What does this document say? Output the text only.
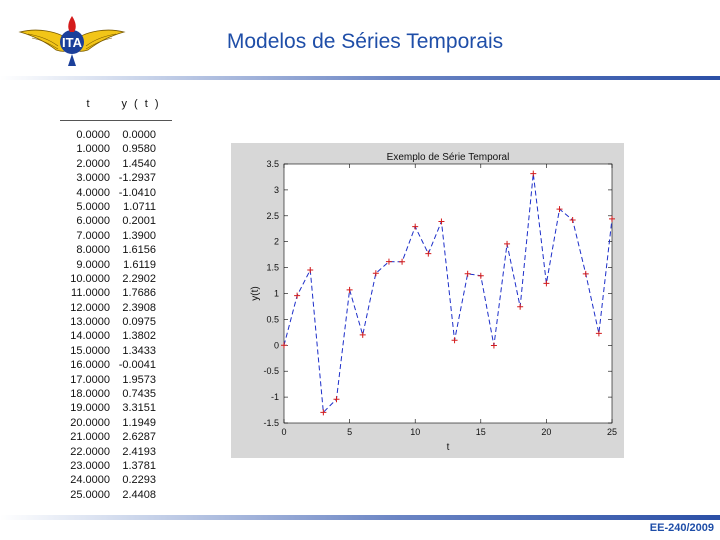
ITA	Modelos de Séries Temporais
t	y ( t )
0.0000	0.0000
1.0000	0.9580
2.0000	1.4540
3.0000 -1.2937
4.0000 -1.0410
5.0000	1.0711
6.0000	0.2001
7.0000	1.3900
8.0000	1.6156
9.0000	1.6119
10.0000	2.2902
11.0000	1.7686
12.0000	2.3908
13.0000	0.0975
14.0000	1.3802
15.0000	1.3433
16.0000 -0.0041
17.0000	1.9573
18.0000	0.7435
19.0000	3.3151
20.0000	1.1949
21.0000	2.6287
22.0000	2.4193
23.0000	1.3781
24.0000	0.2293
25.0000	2.4408
Exemplo de Série Temporal
t
y(t)
0	5	10	15	20	25
-1.5
-1
-0.5
0
0.5
1
1.5
2
2.5
3
3.5
EE-240/2009
